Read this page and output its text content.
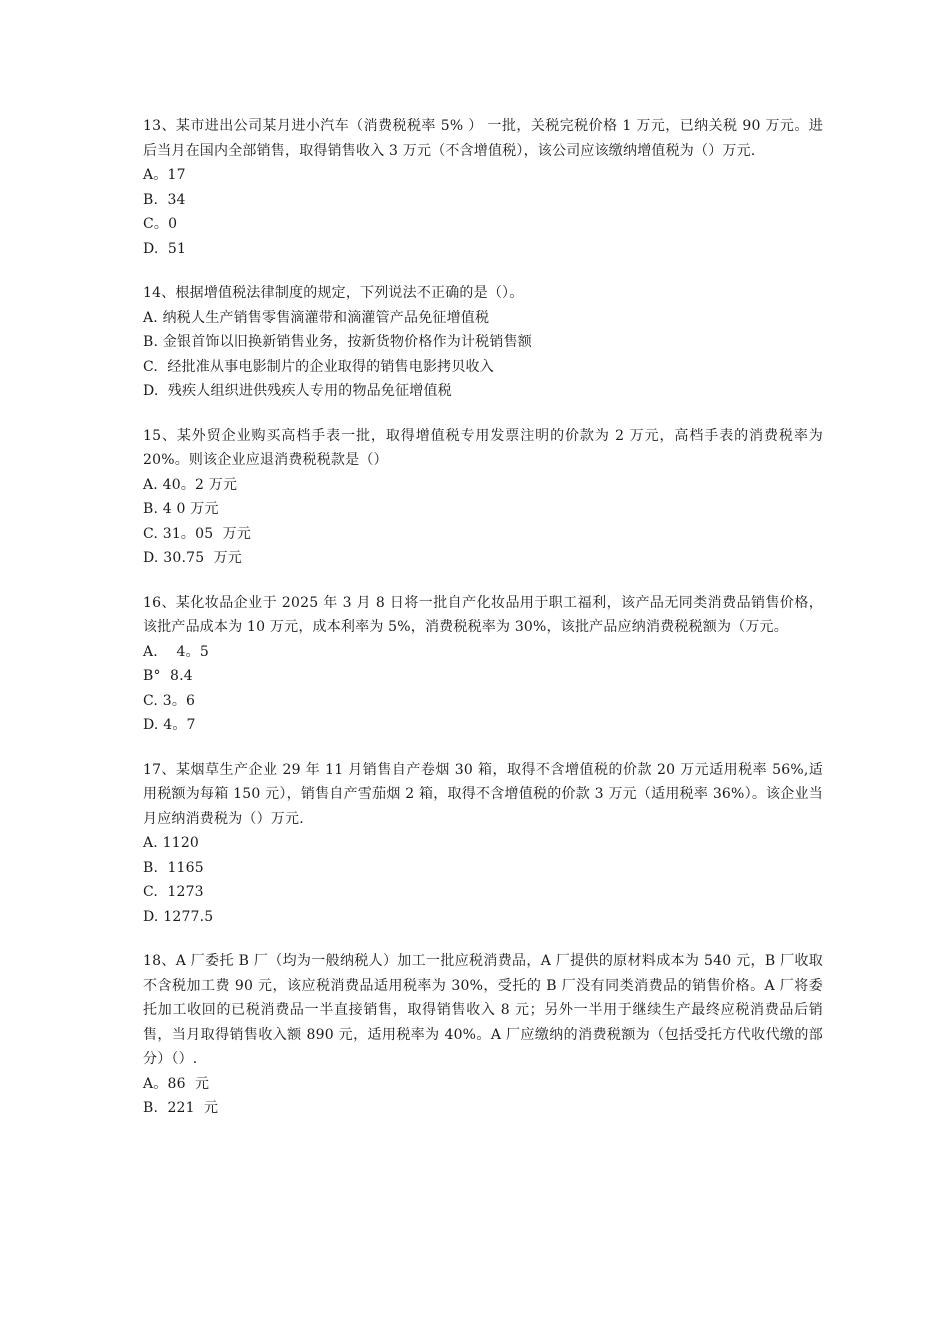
13、某市进出公司某月进小汽车（消费税税率 5% ） 一批，关税完税价格 1 万元，已纳关税 90 万元。进后当月在国内全部销售，取得销售收入 3 万元（不含增值税），该公司应该缴纳增值税为（）万元.

A。17

B.  34

C。0

D.  51

14、根据增值税法律制度的规定，下列说法不正确的是（）。

A. 纳税人生产销售零售滴灌带和滴灌管产品免征增值税

B. 金银首饰以旧换新销售业务，按新货物价格作为计税销售额

C.  经批准从事电影制片的企业取得的销售电影拷贝收入

D.  残疾人组织进供残疾人专用的物品免征增值税

15、某外贸企业购买高档手表一批，取得增值税专用发票注明的价款为 2 万元，高档手表的消费税率为 20%。则该企业应退消费税税款是（）

A. 40。2 万元

B. 4 0 万元

C. 31。05  万元

D. 30.75  万元

16、某化妆品企业于 2025 年 3 月 8 日将一批自产化妆品用于职工福利，该产品无同类消费品销售价格，该批产品成本为 10 万元，成本利率为 5%，消费税税率为 30%，该批产品应纳消费税税额为（万元。

A.    4。5

B°  8.4

C. 3。6

D. 4。7

17、某烟草生产企业 29 年 11 月销售自产卷烟 30 箱，取得不含增值税的价款 20 万元适用税率 56%,适用税额为每箱 150 元），销售自产雪茄烟 2 箱，取得不含增值税的价款 3 万元（适用税率 36%）。该企业当月应纳消费税为（）万元.

A. 1120

B.  1165

C.  1273

D. 1277.5

18、A 厂委托 B 厂（均为一般纳税人）加工一批应税消费品，A 厂提供的原材料成本为 540 元，B 厂收取不含税加工费 90 元，该应税消费品适用税率为 30%，受托的 B 厂没有同类消费品的销售价格。A 厂将委托加工收回的已税消费品一半直接销售，取得销售收入 8 元；另外一半用于继续生产最终应税消费品后销售，当月取得销售收入额 890 元，适用税率为 40%。A 厂应缴纳的消费税额为（包括受托方代收代缴的部分）（）.

A。86  元

B.  221  元
